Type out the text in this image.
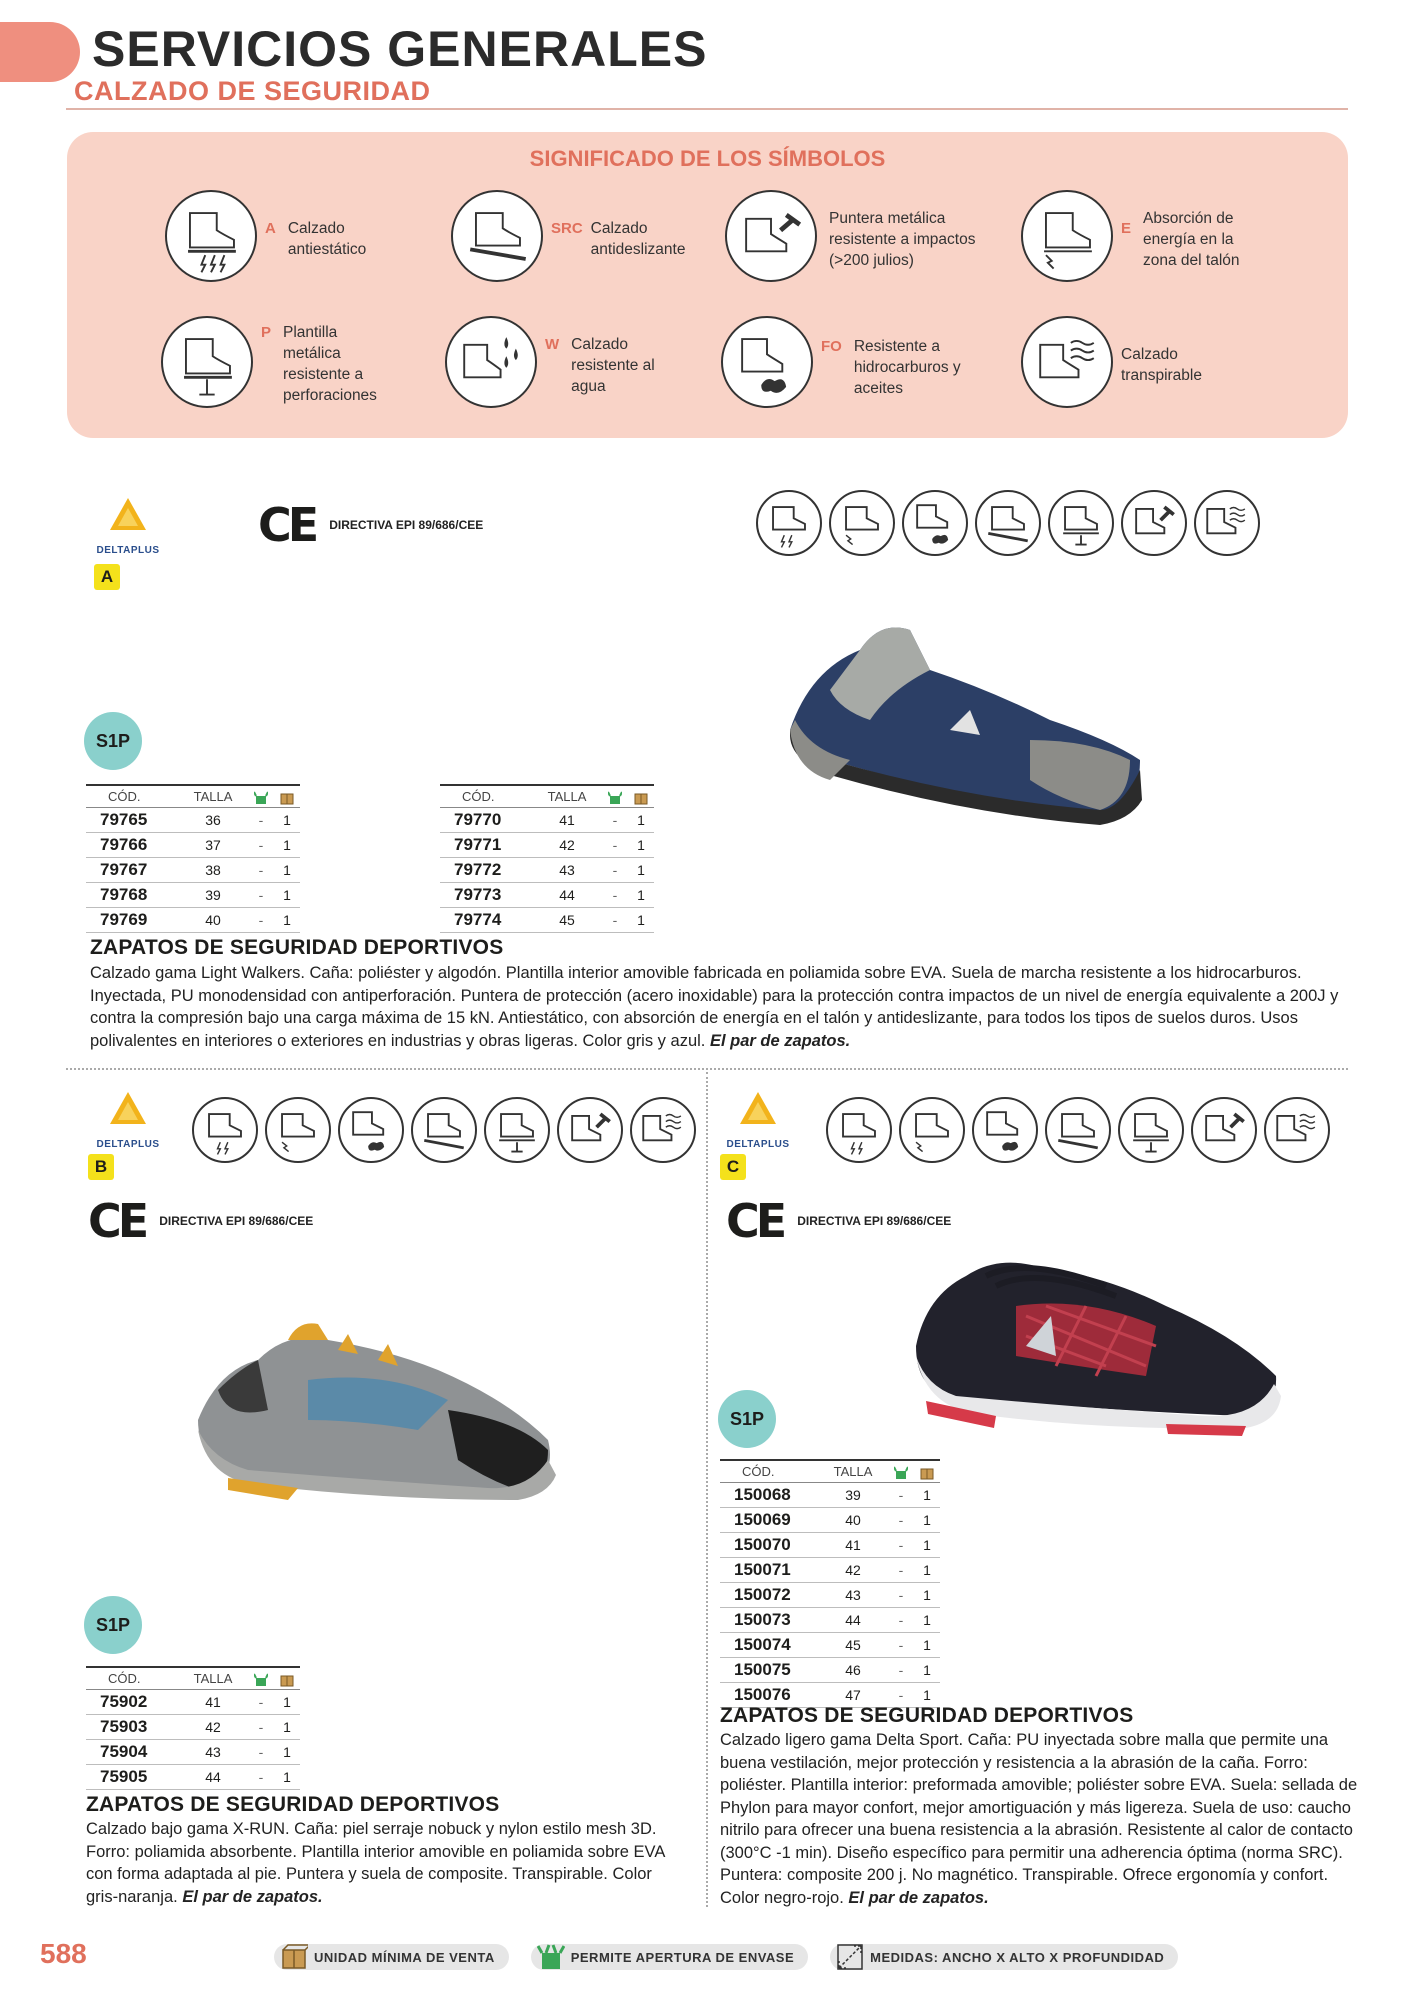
SERVICIOS GENERALES
CALZADO DE SEGURIDAD
SIGNIFICADO DE LOS SÍMBOLOS
A Calzado
antiestático
SRC Calzado
antideslizante
Puntera metálica
resistente a impactos
(>200 julios)
E
Absorción de
energía en la
zona del talón
P Plantilla
metálica
resistente a
perforaciones
W Calzado
resistente al
agua
FO Resistente a
hidrocarburos y
aceites
Calzado
transpirable
DELTAPLUS
A
CE DIRECTIVA EPI 89/686/CEE
S1P
CÓD.	TALLA		
79765	36	-	1
79766	37	-	1
79767	38	-	1
79768	39	-	1
79769	40	-	1
CÓD.	TALLA		
79770	41	-	1
79771	42	-	1
79772	43	-	1
79773	44	-	1
79774	45	-	1
ZAPATOS DE SEGURIDAD DEPORTIVOS
Calzado gama Light Walkers. Caña: poliéster y algodón. Plantilla interior amovible fabricada en poliamida sobre EVA. Suela de marcha resistente a los hidrocarburos. Inyectada, PU monodensidad con antiperforación. Puntera de protección (acero inoxidable) para la protección contra impactos de un nivel de energía equivalente a 200J y contra la compresión bajo una carga máxima de 15 kN. Antiestático, con absorción de energía en el talón y antideslizante, para todos los tipos de suelos duros. Usos polivalentes en interiores o exteriores en industrias y obras ligeras. Color gris y azul. El par de zapatos.
DELTAPLUS
B
CE DIRECTIVA EPI 89/686/CEE
S1P
CÓD.	TALLA		
75902	41	-	1
75903	42	-	1
75904	43	-	1
75905	44	-	1
ZAPATOS DE SEGURIDAD DEPORTIVOS
Calzado bajo gama X-RUN. Caña: piel serraje nobuck y nylon estilo mesh 3D. Forro: poliamida absorbente. Plantilla interior amovible en poliamida sobre EVA con forma adaptada al pie. Puntera y suela de composite. Transpirable. Color gris-naranja. El par de zapatos.
DELTAPLUS
C
CE DIRECTIVA EPI 89/686/CEE
S1P
CÓD.	TALLA		
150068	39	-	1
150069	40	-	1
150070	41	-	1
150071	42	-	1
150072	43	-	1
150073	44	-	1
150074	45	-	1
150075	46	-	1
150076	47	-	1
ZAPATOS DE SEGURIDAD DEPORTIVOS
Calzado ligero gama Delta Sport. Caña: PU inyectada sobre malla que permite una buena vestilación, mejor protección y resistencia a la abrasión de la caña. Forro: poliéster. Plantilla interior: preformada amovible; poliéster sobre EVA. Suela: sellada de Phylon para mayor confort, mejor amortiguación y más ligereza. Suela de uso: caucho nitrilo para ofrecer una buena resistencia a la abrasión. Resistente al calor de contacto (300°C -1 min). Diseño específico para permitir una adherencia óptima (norma SRC). Puntera: composite 200 j. No magnético. Transpirable. Ofrece ergonomía y confort. Color negro-rojo. El par de zapatos.
588	UNIDAD MÍNIMA DE VENTA	PERMITE APERTURA DE ENVASE	MEDIDAS: ANCHO X ALTO X PROFUNDIDAD
